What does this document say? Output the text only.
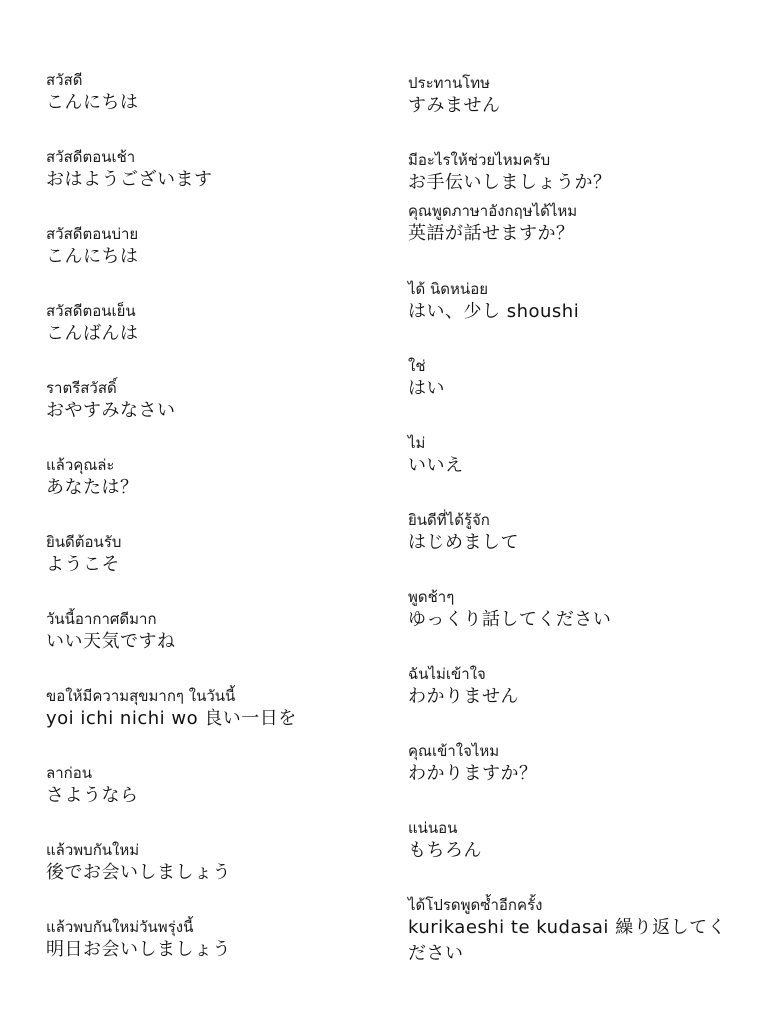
สวัสดี
こんにちは
สวัสดีตอนเช้า
おはようございます
สวัสดีตอนบ่าย
こんにちは
สวัสดีตอนเย็น
こんばんは
ราตรีสวัสดิ์
おやすみなさい
แล้วคุณล่ะ
あなたは？
ยินดีต้อนรับ
ようこそ
วันนี้อากาศดีมาก
いい天気ですね
ขอให้มีความสุขมากๆ ในวันนี้
yoi ichi nichi wo 良い一日を
ลาก่อน
さようなら
แล้วพบกันใหม่
後でお会いしましょう
แล้วพบกันใหม่วันพรุ่งนี้
明日お会いしましょう
ประทานโทษ
すみません
มีอะไรให้ช่วยไหมครับ
お手伝いしましょうか？
คุณพูดภาษาอังกฤษได้ไหม
英語が話せますか？
ได้ นิดหน่อย
はい、少し shoushi
ใช่
はい
ไม่
いいえ
ยินดีที่ได้รู้จัก
はじめまして
พูดช้าๆ
ゆっくり話してください
ฉันไม่เข้าใจ
わかりません
คุณเข้าใจไหม
わかりますか？
แน่นอน
もちろん
ได้โปรดพูดซ้ำอีกครั้ง
kurikaeshi te kudasai 繰り返してください
